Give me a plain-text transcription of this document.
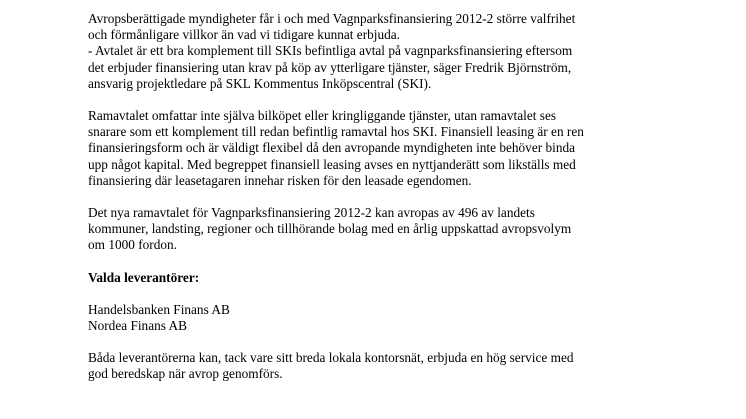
Avropsberättigade myndigheter får i och med Vagnparksfinansiering 2012-2 större valfrihet
och förmånligare villkor än vad vi tidigare kunnat erbjuda.
- Avtalet är ett bra komplement till SKIs befintliga avtal på vagnparksfinansiering eftersom
det erbjuder finansiering utan krav på köp av ytterligare tjänster, säger Fredrik Björnström,
ansvarig projektledare på SKL Kommentus Inköpscentral (SKI).

Ramavtalet omfattar inte själva bilköpet eller kringliggande tjänster, utan ramavtalet ses
snarare som ett komplement till redan befintlig ramavtal hos SKI. Finansiell leasing är en ren
finansieringsform och är väldigt flexibel då den avropande myndigheten inte behöver binda
upp något kapital. Med begreppet finansiell leasing avses en nyttjanderätt som likställs med
finansiering där leasetagaren innehar risken för den leasade egendomen.

Det nya ramavtalet för Vagnparksfinansiering 2012-2 kan avropas av 496 av landets
kommuner, landsting, regioner och tillhörande bolag med en årlig uppskattad avropsvolym
om 1000 fordon.

Valda leverantörer:

Handelsbanken Finans AB
Nordea Finans AB

Båda leverantörerna kan, tack vare sitt breda lokala kontorsnät, erbjuda en hög service med
god beredskap när avrop genomförs.
